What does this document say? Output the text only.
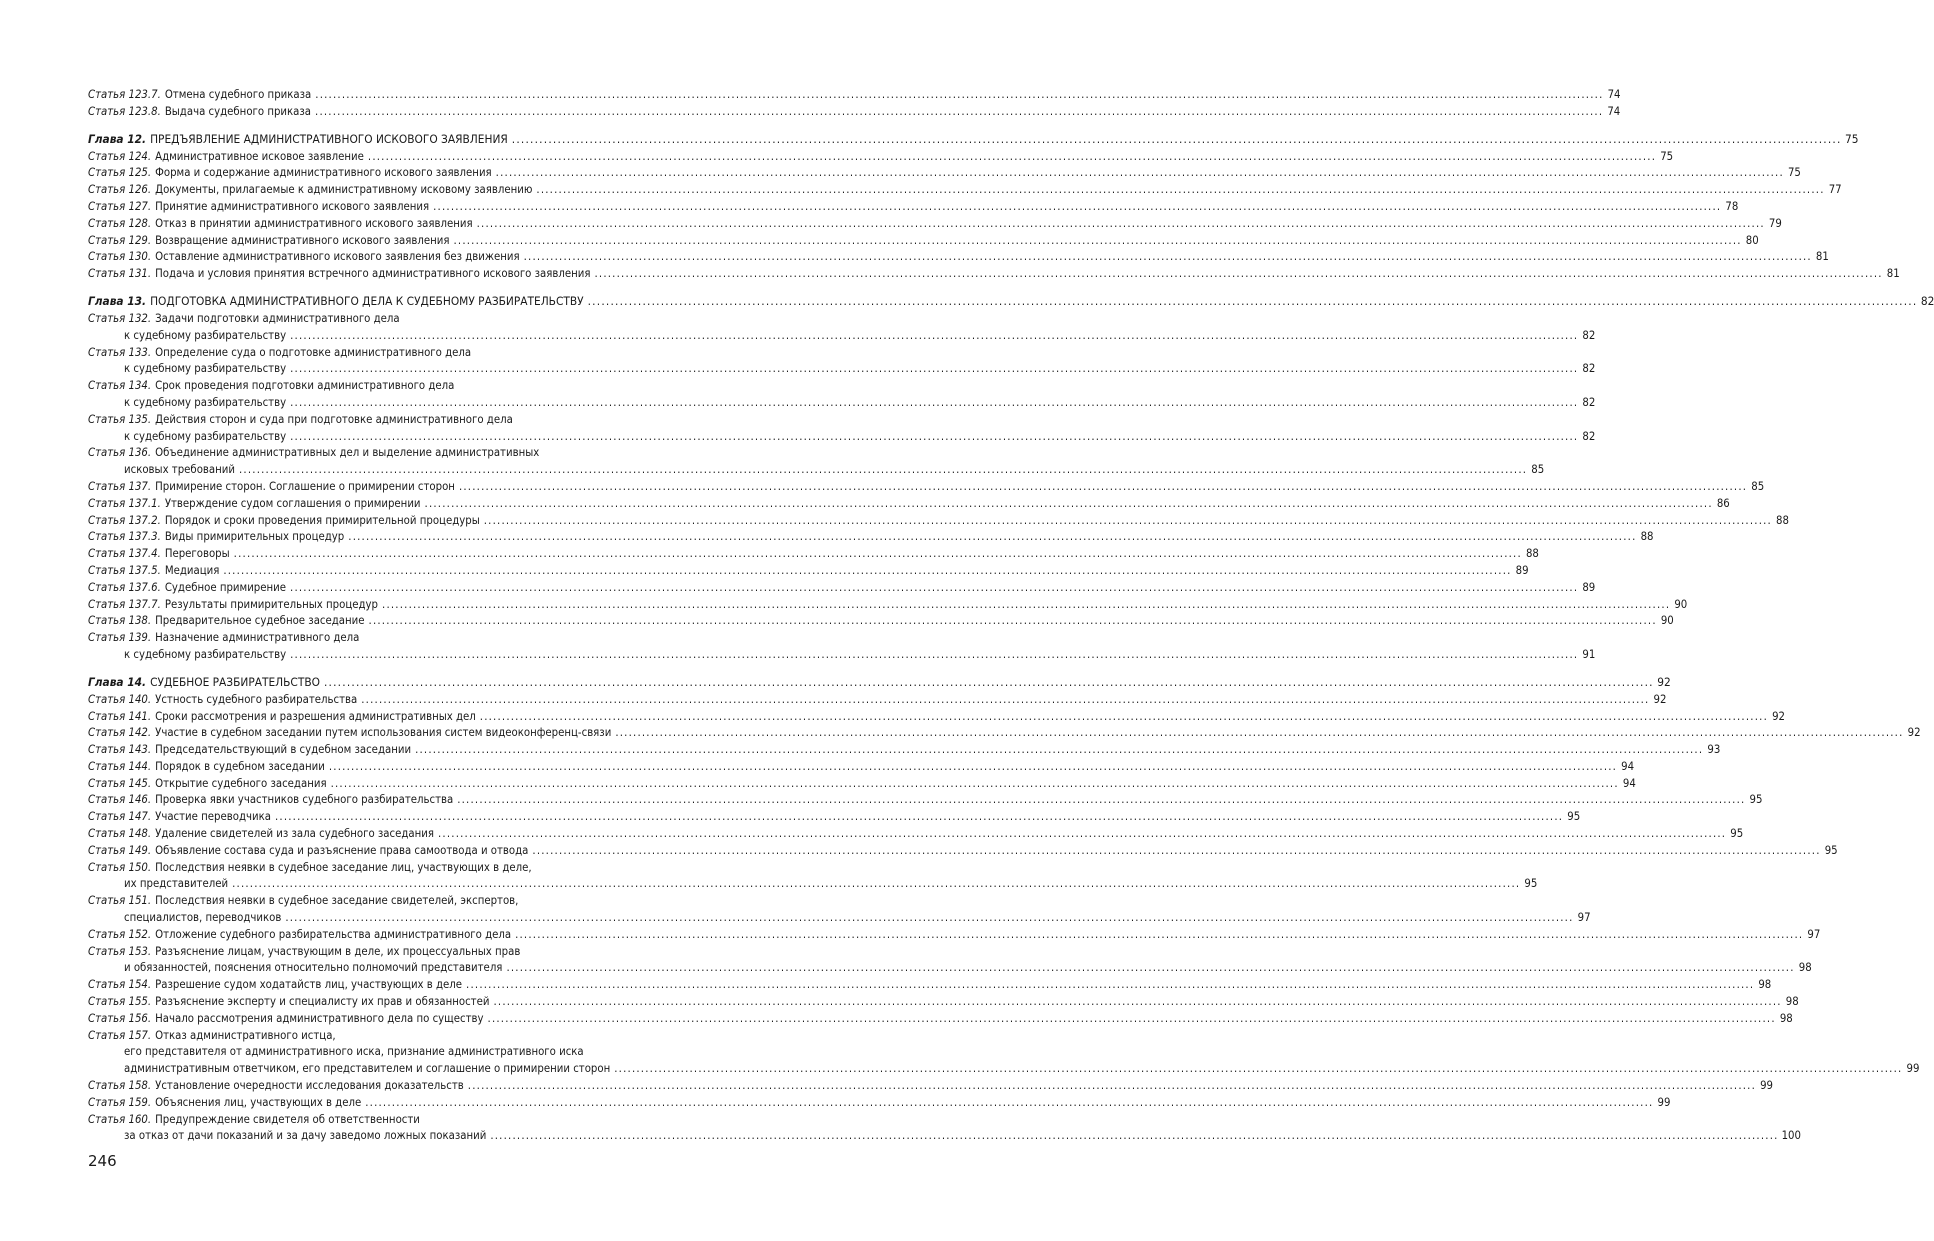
Статья 123.7. Отмена судебного приказа .....	74
Статья 123.8. Выдача судебного приказа .....	74
Глава 12. ПРЕДЪЯВЛЕНИЕ АДМИНИСТРАТИВНОГО ИСКОВОГО ЗАЯВЛЕНИЯ .....	75
Статья 124. Административное исковое заявление .....	75
Статья 125. Форма и содержание административного искового заявления .....	75
Статья 126. Документы, прилагаемые к административному исковому заявлению .....	77
Статья 127. Принятие административного искового заявления .....	78
Статья 128. Отказ в принятии административного искового заявления .....	79
Статья 129. Возвращение административного искового заявления .....	80
Статья 130. Оставление административного искового заявления без движения .....	81
Статья 131. Подача и условия принятия встречного административного искового заявления .....	81
Глава 13. ПОДГОТОВКА АДМИНИСТРАТИВНОГО ДЕЛА К СУДЕБНОМУ РАЗБИРАТЕЛЬСТВУ .....	82
Статья 132. Задачи подготовки административного дела
к судебному разбирательству .....	82
Статья 133. Определение суда о подготовке административного дела
к судебному разбирательству .....	82
Статья 134. Срок проведения подготовки административного дела
к судебному разбирательству .....	82
Статья 135. Действия сторон и суда при подготовке административного дела
к судебному разбирательству .....	82
Статья 136. Объединение административных дел и выделение административных
исковых требований .....	85
Статья 137. Примирение сторон. Соглашение о примирении сторон .....	85
Статья 137.1. Утверждение судом соглашения о примирении .....	86
Статья 137.2. Порядок и сроки проведения примирительной процедуры .....	88
Статья 137.3. Виды примирительных процедур .....	88
Статья 137.4. Переговоры .....	88
Статья 137.5. Медиация .....	89
Статья 137.6. Судебное примирение .....	89
Статья 137.7. Результаты примирительных процедур .....	90
Статья 138. Предварительное судебное заседание .....	90
Статья 139. Назначение административного дела
к судебному разбирательству .....	91
Глава 14. СУДЕБНОЕ РАЗБИРАТЕЛЬСТВО .....	92
Статья 140. Устность судебного разбирательства .....	92
Статья 141. Сроки рассмотрения и разрешения административных дел .....	92
Статья 142. Участие в судебном заседании путем использования систем видеоконференц-связи .....	92
Статья 143. Председательствующий в судебном заседании .....	93
Статья 144. Порядок в судебном заседании .....	94
Статья 145. Открытие судебного заседания .....	94
Статья 146. Проверка явки участников судебного разбирательства .....	95
Статья 147. Участие переводчика .....	95
Статья 148. Удаление свидетелей из зала судебного заседания .....	95
Статья 149. Объявление состава суда и разъяснение права самоотвода и отвода .....	95
Статья 150. Последствия неявки в судебное заседание лиц, участвующих в деле,
их представителей .....	95
Статья 151. Последствия неявки в судебное заседание свидетелей, экспертов,
специалистов, переводчиков .....	97
Статья 152. Отложение судебного разбирательства административного дела .....	97
Статья 153. Разъяснение лицам, участвующим в деле, их процессуальных прав
и обязанностей, пояснения относительно полномочий представителя .....	98
Статья 154. Разрешение судом ходатайств лиц, участвующих в деле .....	98
Статья 155. Разъяснение эксперту и специалисту их прав и обязанностей .....	98
Статья 156. Начало рассмотрения административного дела по существу .....	98
Статья 157. Отказ административного истца,
его представителя от административного иска, признание административного иска
административным ответчиком, его представителем и соглашение о примирении сторон .....	99
Статья 158. Установление очередности исследования доказательств .....	99
Статья 159. Объяснения лиц, участвующих в деле .....	99
Статья 160. Предупреждение свидетеля об ответственности
за отказ от дачи показаний и за дачу заведомо ложных показаний .....	100
246
